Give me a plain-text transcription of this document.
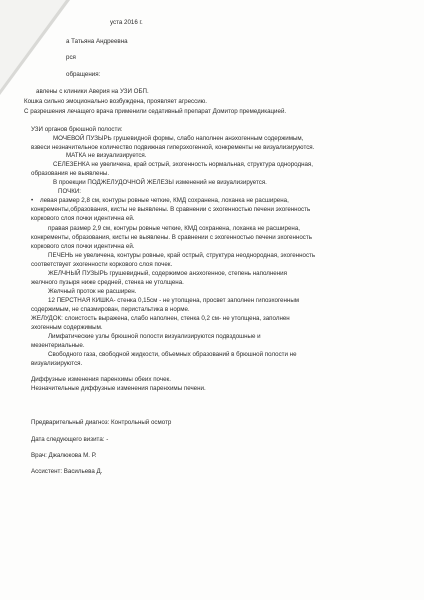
уста 2016 г.
а Татьяна Андреевна
рся
обращения:
авлены с клиники Аверия на УЗИ ОБП.
Кошка сильно эмоционально возбуждена, проявляет агрессию.
С разрешения лечащего врача применили седативный препарат Домитор премедикацией.
УЗИ органов брюшной полости:
МОЧЕВОЙ ПУЗЫРЬ грушевидной формы, слабо наполнен анэхогенным содержимым,
взвеси незначительное количество подвижная гиперэхогенной, конкременты не визуализируются.
МАТКА не визуализируется.
СЕЛЕЗЕНКА не увеличена, край острый, эхогенность нормальная, структура однородная,
образования не выявлены.
В проекции ПОДЖЕЛУДОЧНОЙ ЖЕЛЕЗЫ изменений не визуализируется.
ПОЧКИ:
• левая размер 2,8 см, контуры ровные четкие, КМД сохранена, лоханка не расширена,
конкременты,образования, кисты не выявлены. В сравнении с эхогенностью печени эхогенность
коркового слоя почки идентична ей.
правая размер 2,9 см, контуры ровные четкие, КМД сохранена, лоханка не расширена,
конкременты, образования, кисты не выявлены. В сравнении с эхогенностью печени эхогенность
коркового слоя почки идентична ей.
ПЕЧЕНЬ не увеличена, контуры ровные, край острый, структура неоднородная, эхогенность
соответствует эхогенности коркового слоя почек.
ЖЕЛЧНЫЙ ПУЗЫРЬ грушевидный, содержимое анэхогенное, степень наполнения
желчного пузыря ниже средней, стенка не утолщена.
Желчный проток не расширен.
12 ПЕРСТНАЯ КИШКА- стенка 0,15см - не утолщена, просвет заполнен гипоэхогенным
содержимым, не спазмирован, перистальтика в норме.
ЖЕЛУДОК: слоистость выражена, слабо наполнен, стенка 0,2 см- не утолщена, заполнен
эхогенным содержимым.
Лимфатические узлы брюшной полости визуализируются подвздошные и
мезентериальные.
Свободного газа, свободной жидкости, объемных образований в брюшной полости не
визуализируются.
Диффузные изменения паренхимы обеих почек.
Незначительные диффузные изменения паренхимы печени.
Предварительный диагноз: Контрольный осмотр
Дата следующего визита: -
Врач: Джалюкова М. Р.
Ассистент: Васильева Д.
